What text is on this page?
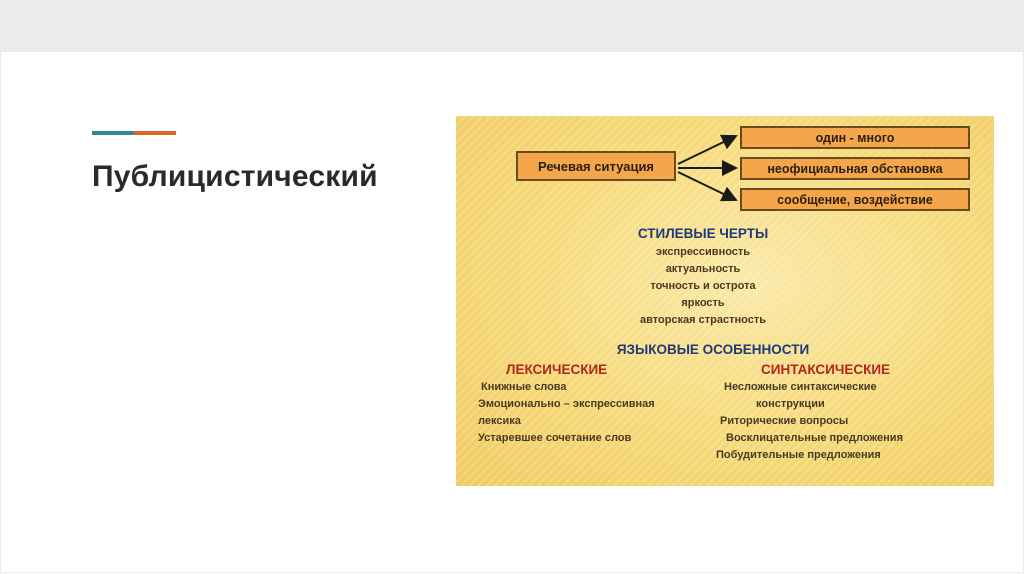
Публицистический	Речевая ситуация
один - много
неофициальная обстановка
сообщение, воздействие
СТИЛЕВЫЕ ЧЕРТЫ
экспрессивность
актуальность
точность и острота
яркость
авторская страстность
ЯЗЫКОВЫЕ ОСОБЕННОСТИ
ЛЕКСИЧЕСКИЕ
Книжные слова
Эмоционально – экспрессивная
лексика
Устаревшее сочетание слов
СИНТАКСИЧЕСКИЕ
Несложные синтаксические
конструкции
Риторические вопросы
Восклицательные предложения
Побудительные предложения
